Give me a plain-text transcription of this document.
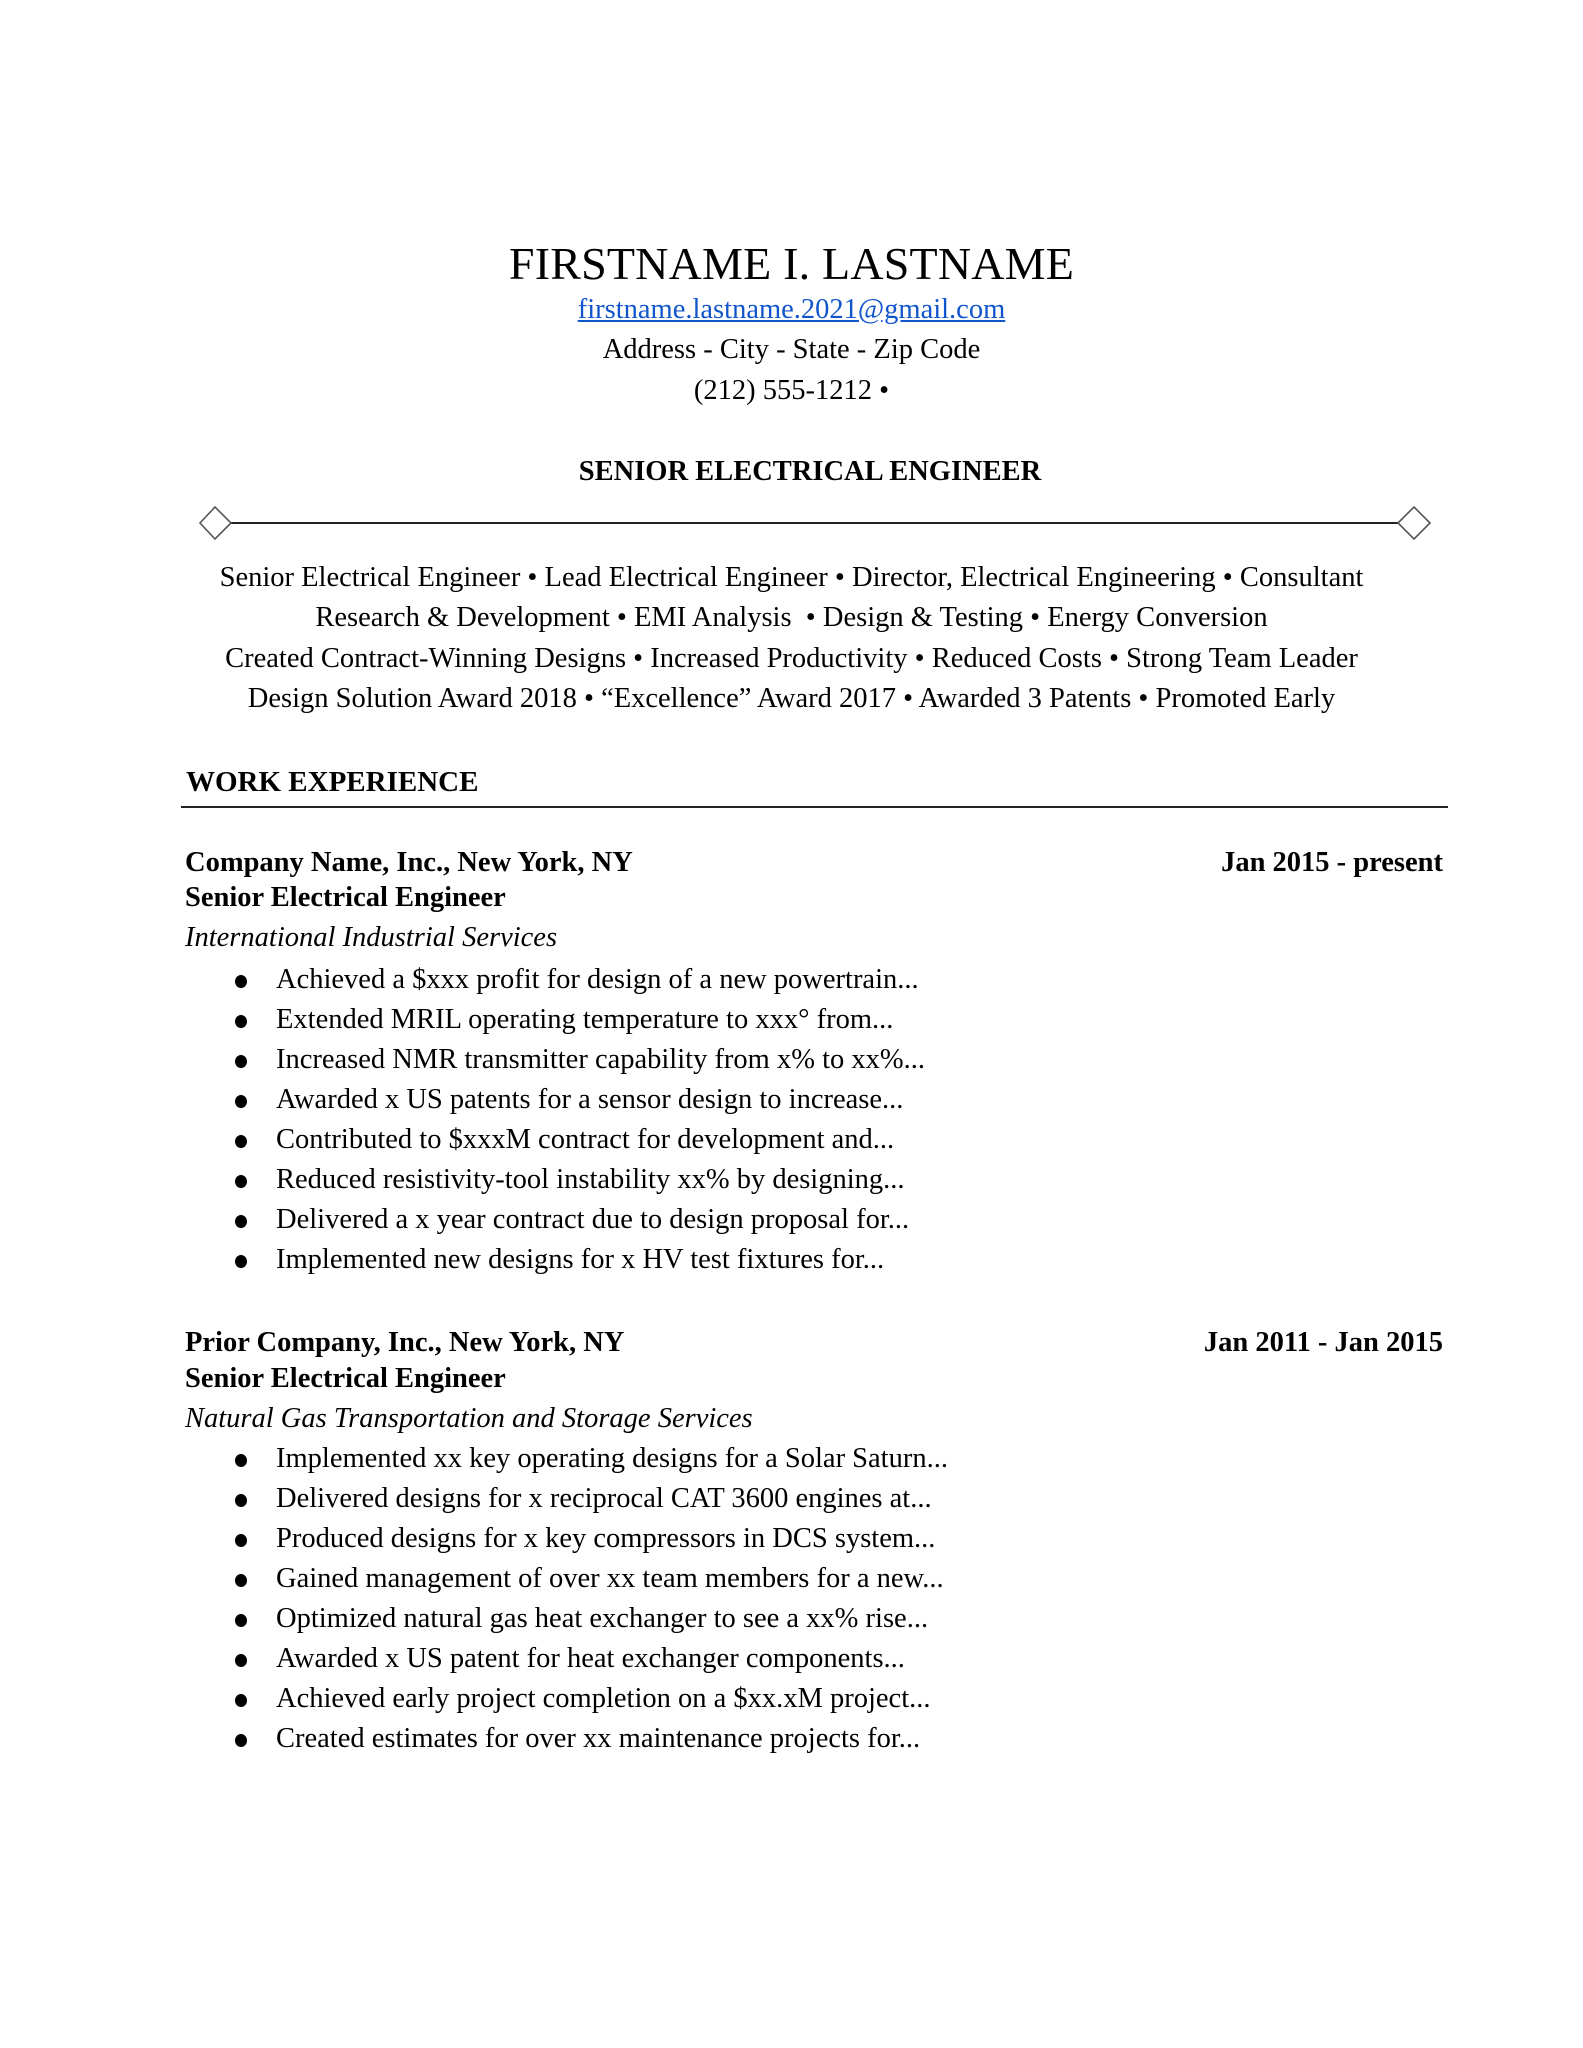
FIRSTNAME I. LASTNAME
firstname.lastname.2021@gmail.com
Address - City - State - Zip Code
(212) 555-1212 •
SENIOR ELECTRICAL ENGINEER
Senior Electrical Engineer • Lead Electrical Engineer • Director, Electrical Engineering • Consultant
Research & Development • EMI Analysis  • Design & Testing • Energy Conversion
Created Contract-Winning Designs • Increased Productivity • Reduced Costs • Strong Team Leader
Design Solution Award 2018 • “Excellence” Award 2017 • Awarded 3 Patents • Promoted Early
WORK EXPERIENCE
Company Name, Inc., New York, NY	Jan 2015 - present
Senior Electrical Engineer
International Industrial Services
Achieved a $xxx profit for design of a new powertrain...
Extended MRIL operating temperature to xxx° from...
Increased NMR transmitter capability from x% to xx%...
Awarded x US patents for a sensor design to increase...
Contributed to $xxxM contract for development and...
Reduced resistivity-tool instability xx% by designing...
Delivered a x year contract due to design proposal for...
Implemented new designs for x HV test fixtures for...
Prior Company, Inc., New York, NY	Jan 2011 - Jan 2015
Senior Electrical Engineer
Natural Gas Transportation and Storage Services
Implemented xx key operating designs for a Solar Saturn...
Delivered designs for x reciprocal CAT 3600 engines at...
Produced designs for x key compressors in DCS system...
Gained management of over xx team members for a new...
Optimized natural gas heat exchanger to see a xx% rise...
Awarded x US patent for heat exchanger components...
Achieved early project completion on a $xx.xM project...
Created estimates for over xx maintenance projects for...
